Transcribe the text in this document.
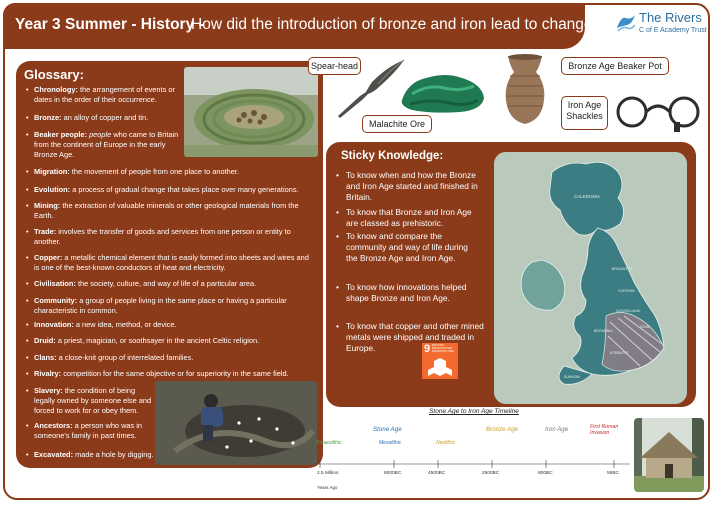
Year 3 Summer - History -
How did the introduction of bronze and iron lead to change?	The Rivers
C of E Academy Trust
Glossary:

• Chronology: the arrangement of events or dates in the order of their occurrence.

• Bronze: an alloy of copper and tin.

• Beaker people: people who came to Britain from the continent of Europe in the early Bronze Age.

• Migration: the movement of people from one place to another.

• Evolution: a process of gradual change that takes place over many generations.

• Mining: the extraction of valuable minerals or other geological materials from the Earth.

• Trade: involves the transfer of goods and services from one person or entity to another.

• Copper: a metallic chemical element that is easily formed into sheets and wires and is one of the best-known conductors of heat and electricity.

• Civilisation: the society, culture, and way of life of a particular area.

• Community: a group of people living in the same place or having a particular characteristic in common.

• Innovation: a new idea, method, or device.

• Druid: a priest, magician, or soothsayer in the ancient Celtic religion.

• Clans: a close-knit group of interrelated families.

• Rivalry: competition for the same objective or for superiority in the same field.

• Slavery: the condition of being legally owned by someone else and forced to work for or obey them.

• Ancestors: a person who was in someone's family in past times.

• Excavated: made a hole by digging.

Spear-head
Malachite Ore
Bronze Age Beaker Pot
Iron Age Shackles
Sticky Knowledge:

• To know when and how the Bronze and Iron Age started and finished in Britain.

• To know that Bronze and Iron Age are classed as prehistoric.

• To know and compare the community and way of life during the Bronze Age and Iron Age.

• To know how innovations helped shape Bronze and Iron Age.

• To know that copper and other mined metals were shipped and traded in Europe.	9 INDUSTRY, INNOVATION AND INFRASTRUCTURE
CALEDONIA
BRIGANTES
CORITANI
ICENI
CATUVELLAUNI
ATREBATES
BRITANNIA
DUMNONII
Stone Age to Iron Age Timeline
Stone Age	Bronze Age	Iron Age	First Roman Invasion
Palaeolithic	Mesolithic	Neolithic
2.5 Million	8000BC	4500BC	2500BC	800BC	55BC
Years Ago
